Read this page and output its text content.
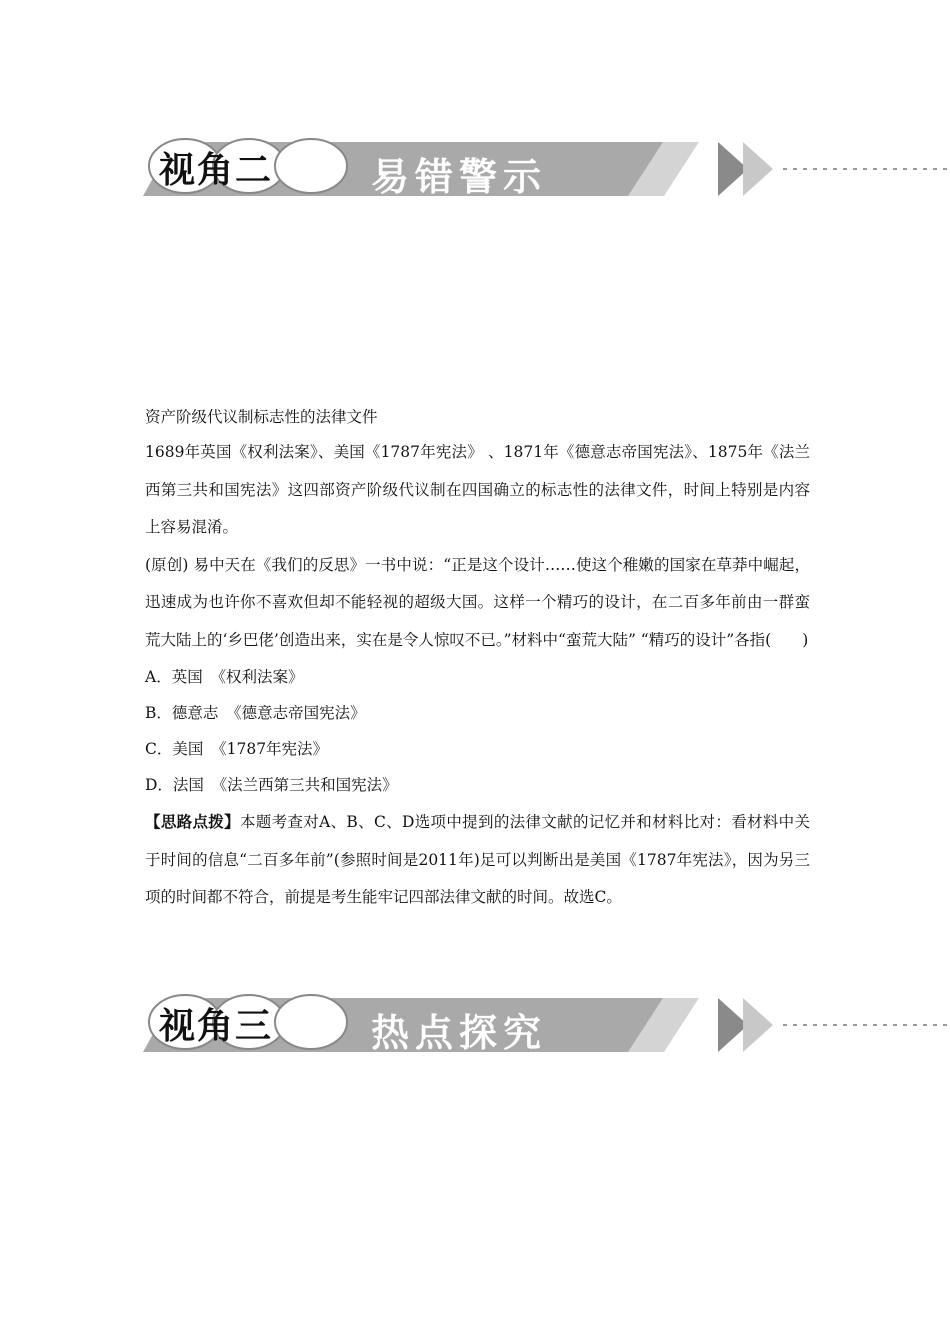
视角二	易错警示

资产阶级代议制标志性的法律文件

1689年英国《权利法案》、美国《1787年宪法》 、1871年《德意志帝国宪法》、1875年《法兰西第三共和国宪法》这四部资产阶级代议制在四国确立的标志性的法律文件，时间上特别是内容上容易混淆。

(原创) 易中天在《我们的反思》一书中说：“正是这个设计……使这个稚嫩的国家在草莽中崛起，迅速成为也许你不喜欢但却不能轻视的超级大国。这样一个精巧的设计，在二百多年前由一群蛮荒大陆上的‘乡巴佬’创造出来，实在是令人惊叹不已。”材料中“蛮荒大陆” “精巧的设计”各指(　　)

A．英国　《权利法案》

B．德意志　《德意志帝国宪法》

C．美国　《1787年宪法》

D．法国　《法兰西第三共和国宪法》

【思路点拨】本题考查对A、B、C、D选项中提到的法律文献的记忆并和材料比对：看材料中关于时间的信息“二百多年前”(参照时间是2011年)足可以判断出是美国《1787年宪法》，因为另三项的时间都不符合，前提是考生能牢记四部法律文献的时间。故选C。

视角三	热点探究
